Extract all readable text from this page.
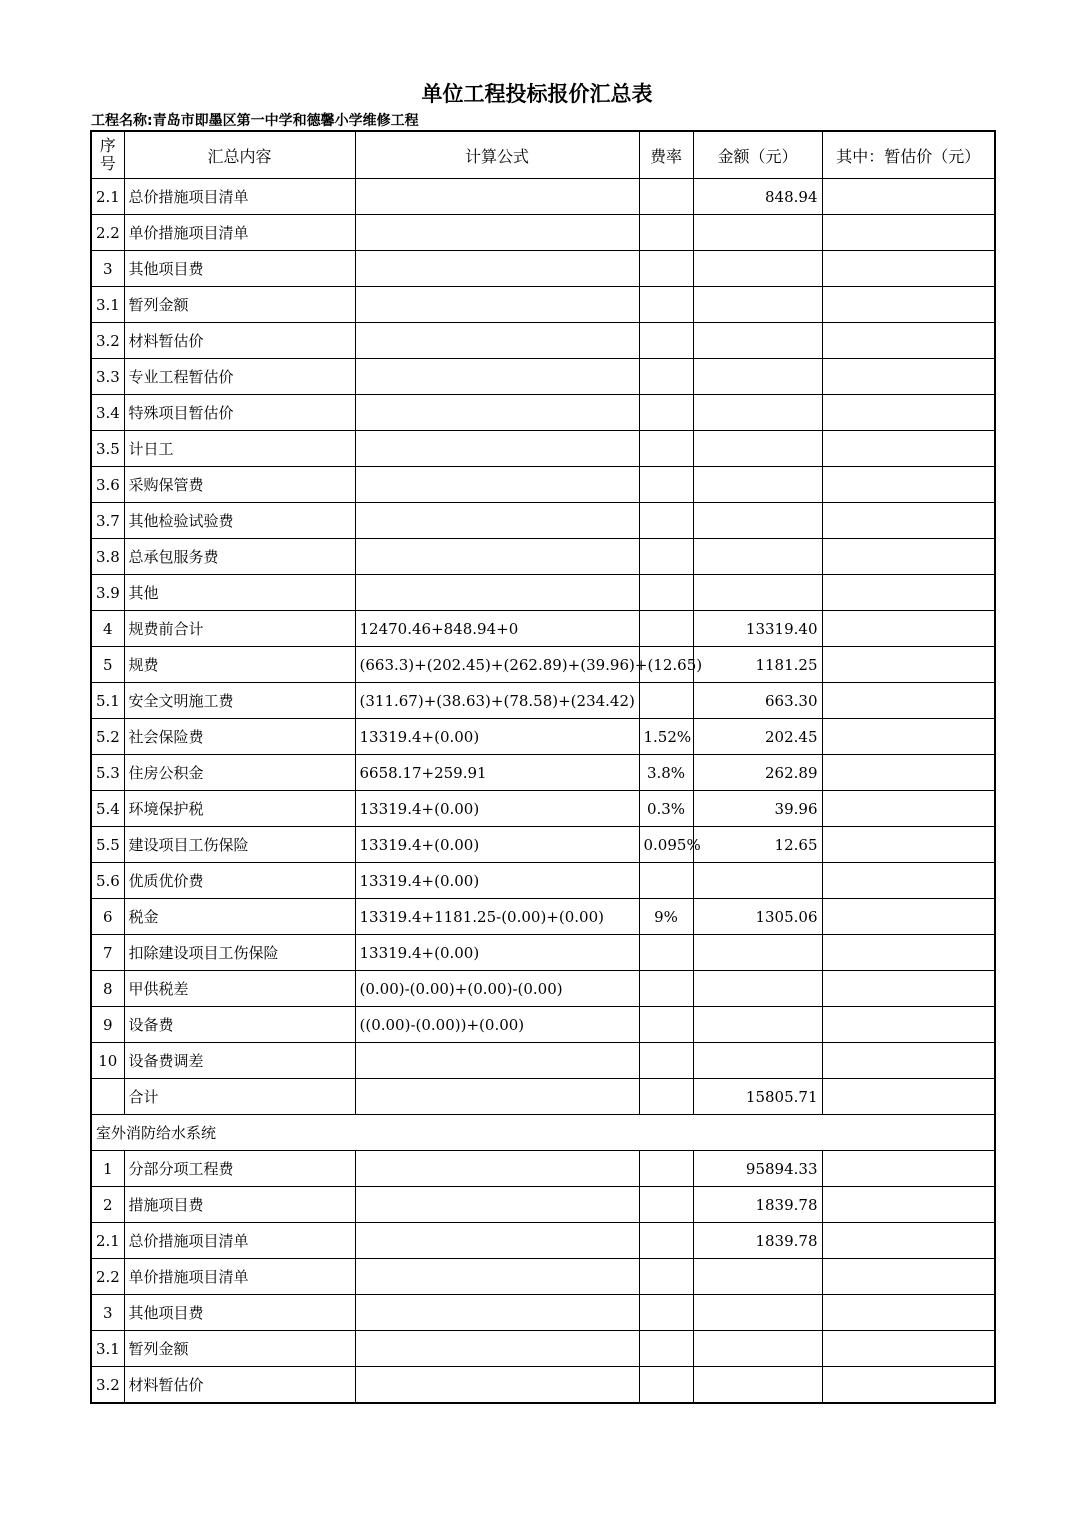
单位工程投标报价汇总表
工程名称:青岛市即墨区第一中学和德馨小学维修工程
序
号	汇总内容	计算公式	费率	金额（元）	其中：暂估价（元）
2.1	总价措施项目清单			848.94	
2.2	单价措施项目清单				
3	其他项目费				
3.1	暂列金额				
3.2	材料暂估价				
3.3	专业工程暂估价				
3.4	特殊项目暂估价				
3.5	计日工				
3.6	采购保管费				
3.7	其他检验试验费				
3.8	总承包服务费				
3.9	其他				
4	规费前合计	12470.46+848.94+0		13319.40	
5	规费	(663.3)+(202.45)+(262.89)+(39.96)+(12.65)		1181.25	
5.1	安全文明施工费	(311.67)+(38.63)+(78.58)+(234.42)		663.30	
5.2	社会保险费	13319.4+(0.00)	1.52%	202.45	
5.3	住房公积金	6658.17+259.91	3.8%	262.89	
5.4	环境保护税	13319.4+(0.00)	0.3%	39.96	
5.5	建设项目工伤保险	13319.4+(0.00)	0.095%	12.65	
5.6	优质优价费	13319.4+(0.00)			
6	税金	13319.4+1181.25-(0.00)+(0.00)	9%	1305.06	
7	扣除建设项目工伤保险	13319.4+(0.00)			
8	甲供税差	(0.00)-(0.00)+(0.00)-(0.00)			
9	设备费	((0.00)-(0.00))+(0.00)			
10	设备费调差				
	合计			15805.71	
室外消防给水系统					
1	分部分项工程费			95894.33	
2	措施项目费			1839.78	
2.1	总价措施项目清单			1839.78	
2.2	单价措施项目清单				
3	其他项目费				
3.1	暂列金额				
3.2	材料暂估价				
